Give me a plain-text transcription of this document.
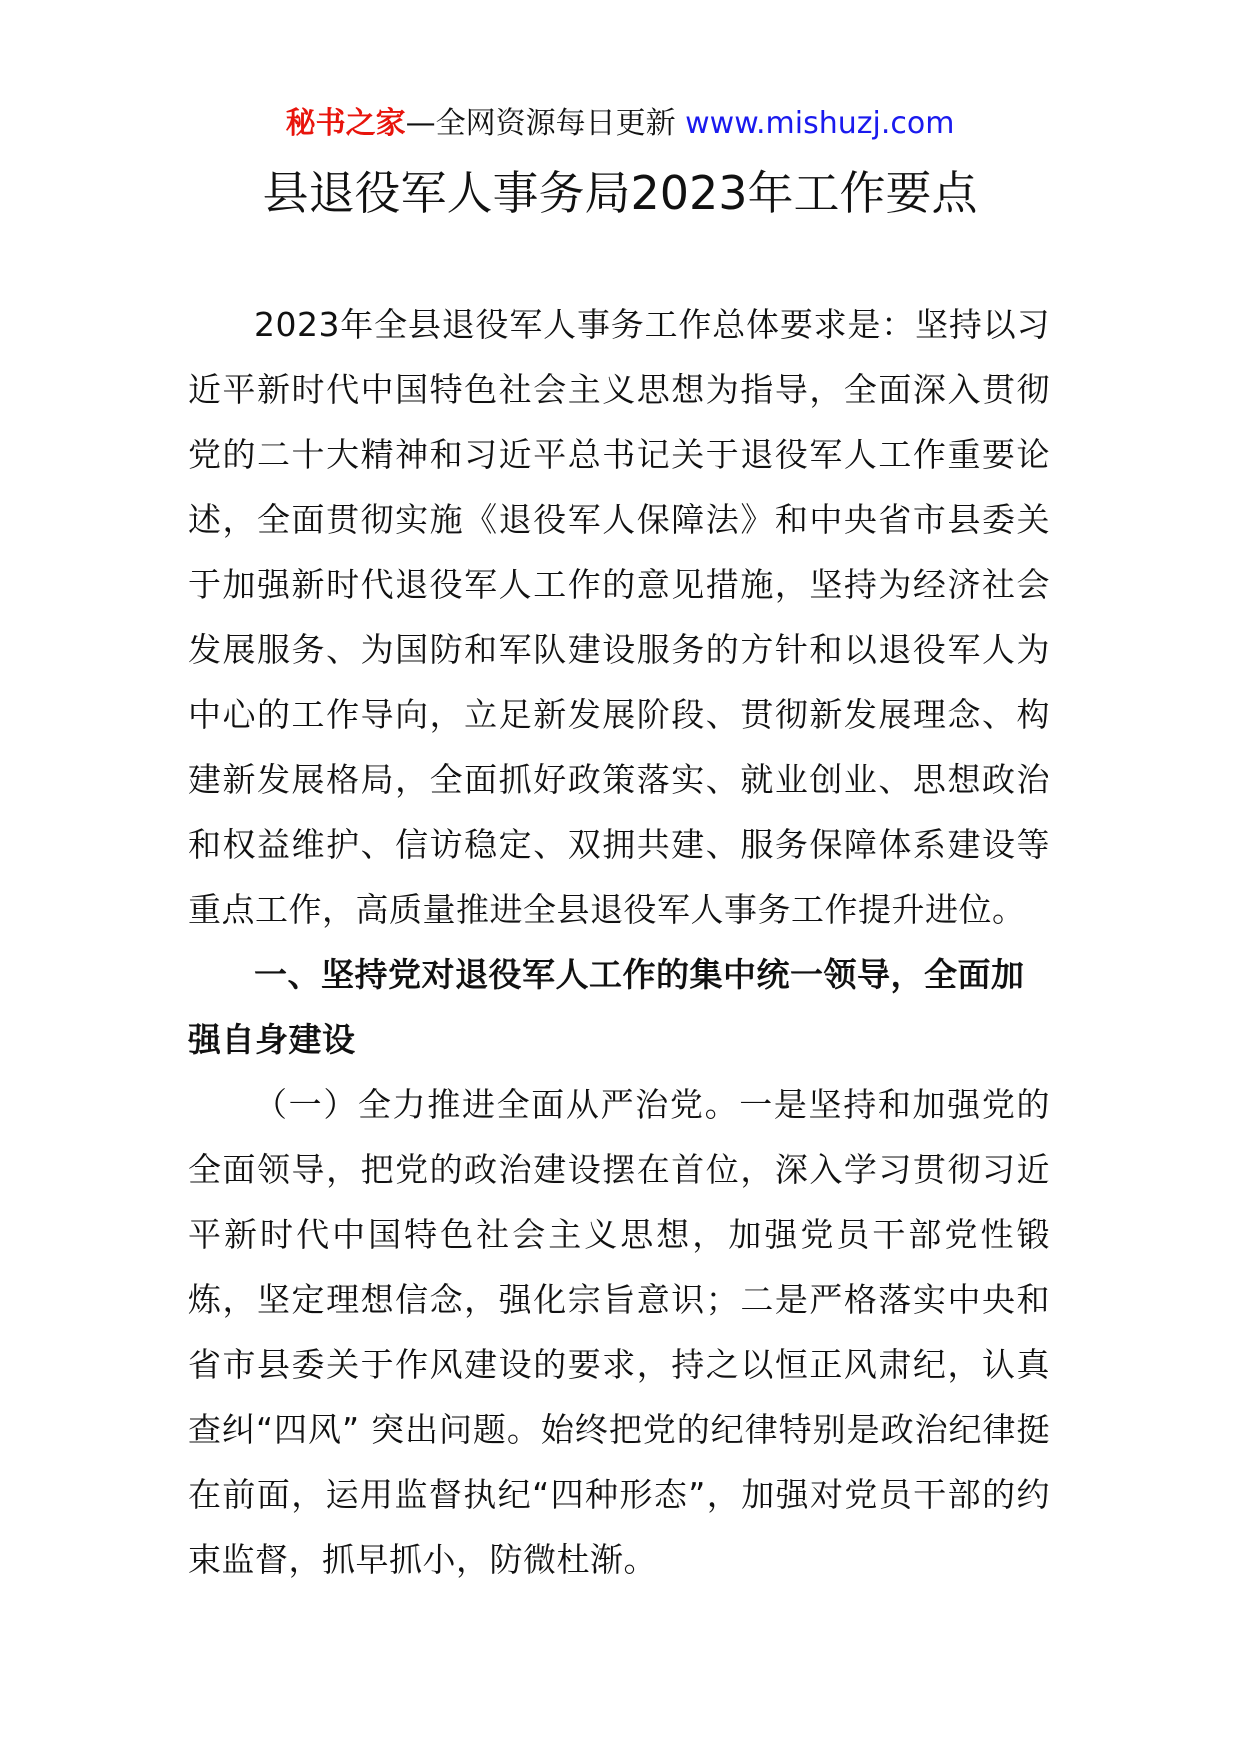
秘书之家—全网资源每日更新 www.mishuzj.com
县退役军人事务局2023年工作要点

2023年全县退役军人事务工作总体要求是：坚持以习近平新时代中国特色社会主义思想为指导，全面深入贯彻党的二十大精神和习近平总书记关于退役军人工作重要论述，全面贯彻实施《退役军人保障法》和中央省市县委关于加强新时代退役军人工作的意见措施，坚持为经济社会发展服务、为国防和军队建设服务的方针和以退役军人为中心的工作导向，立足新发展阶段、贯彻新发展理念、构建新发展格局，全面抓好政策落实、就业创业、思想政治和权益维护、信访稳定、双拥共建、服务保障体系建设等重点工作，高质量推进全县退役军人事务工作提升进位。

一、坚持党对退役军人工作的集中统一领导，全面加强自身建设

（一）全力推进全面从严治党。一是坚持和加强党的全面领导，把党的政治建设摆在首位，深入学习贯彻习近平新时代中国特色社会主义思想，加强党员干部党性锻炼，坚定理想信念，强化宗旨意识；二是严格落实中央和省市县委关于作风建设的要求，持之以恒正风肃纪，认真查纠“四风” 突出问题。始终把党的纪律特别是政治纪律挺在前面，运用监督执纪“四种形态”，加强对党员干部的约束监督，抓早抓小，防微杜渐。
